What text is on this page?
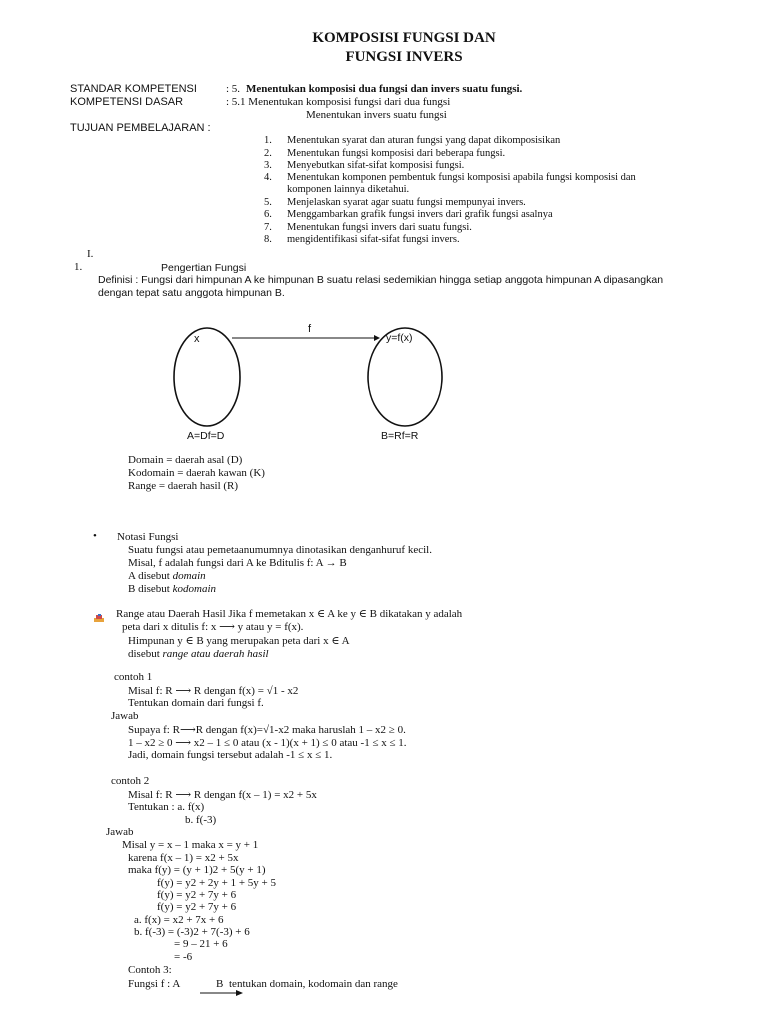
KOMPOSISI FUNGSI DAN
FUNGSI INVERS
STANDAR KOMPETENSI	: 5. Menentukan komposisi dua fungsi dan invers suatu fungsi.
KOMPETENSI DASAR	: 5.1 Menentukan komposisi fungsi dari dua fungsi
Menentukan invers suatu fungsi
TUJUAN PEMBELAJARAN :
1. Menentukan syarat dan aturan fungsi yang dapat dikomposisikan
2. Menentukan fungsi komposisi dari beberapa fungsi.
3. Menyebutkan sifat-sifat komposisi fungsi.
4. Menentukan komponen pembentuk fungsi komposisi apabila fungsi komposisi dan
komponen lainnya diketahui.
5. Menjelaskan syarat agar suatu fungsi mempunyai invers.
6. Menggambarkan grafik fungsi invers dari grafik fungsi asalnya
7. Menentukan fungsi invers dari suatu fungsi.
8. mengidentifikasi sifat-sifat fungsi invers.
I.
1.	Pengertian Fungsi
Definisi : Fungsi dari himpunan A ke himpunan B suatu relasi sedemikian hingga setiap anggota himpunan A dipasangkan
dengan tepat satu anggota himpunan B.
x
f
y=f(x)
A=Df=D	B=Rf=R
Domain = daerah asal (D)
Kodomain = daerah kawan (K)
Range = daerah hasil (R)
• Notasi Fungsi
Suatu fungsi atau pemetaanumumnya dinotasikan denganhuruf kecil.
Misal, f adalah fungsi dari A ke Bditulis f: A → B
A disebut domain
B disebut kodomain
Range atau Daerah Hasil Jika f memetakan x ∈ A ke y ∈ B dikatakan y adalah
peta dari x ditulis f: x ⟶ y atau y = f(x).
Himpunan y ∈ B yang merupakan peta dari x ∈ A
disebut range atau daerah hasil
contoh 1
Misal f: R ⟶ R dengan f(x) = √1 - x2
Tentukan domain dari fungsi f.
Jawab
Supaya f: R⟶R dengan f(x)=√1-x2 maka haruslah 1 – x2 ≥ 0.
1 – x2 ≥ 0 ⟶ x2 – 1 ≤ 0 atau (x - 1)(x + 1) ≤ 0 atau -1 ≤ x ≤ 1.
Jadi, domain fungsi tersebut adalah -1 ≤ x ≤ 1.
contoh 2
Misal f: R ⟶ R dengan f(x – 1) = x2 + 5x
Tentukan : a. f(x)
b. f(-3)
Jawab
Misal y = x – 1 maka x = y + 1
karena f(x – 1) = x2 + 5x
maka f(y) = (y + 1)2 + 5(y + 1)
f(y) = y2 + 2y + 1 + 5y + 5
f(y) = y2 + 7y + 6
f(y) = y2 + 7y + 6
a. f(x) = x2 + 7x + 6
b. f(-3) = (-3)2 + 7(-3) + 6
= 9 – 21 + 6
= -6
Contoh 3:
Fungsi f : A	B tentukan domain, kodomain dan range
